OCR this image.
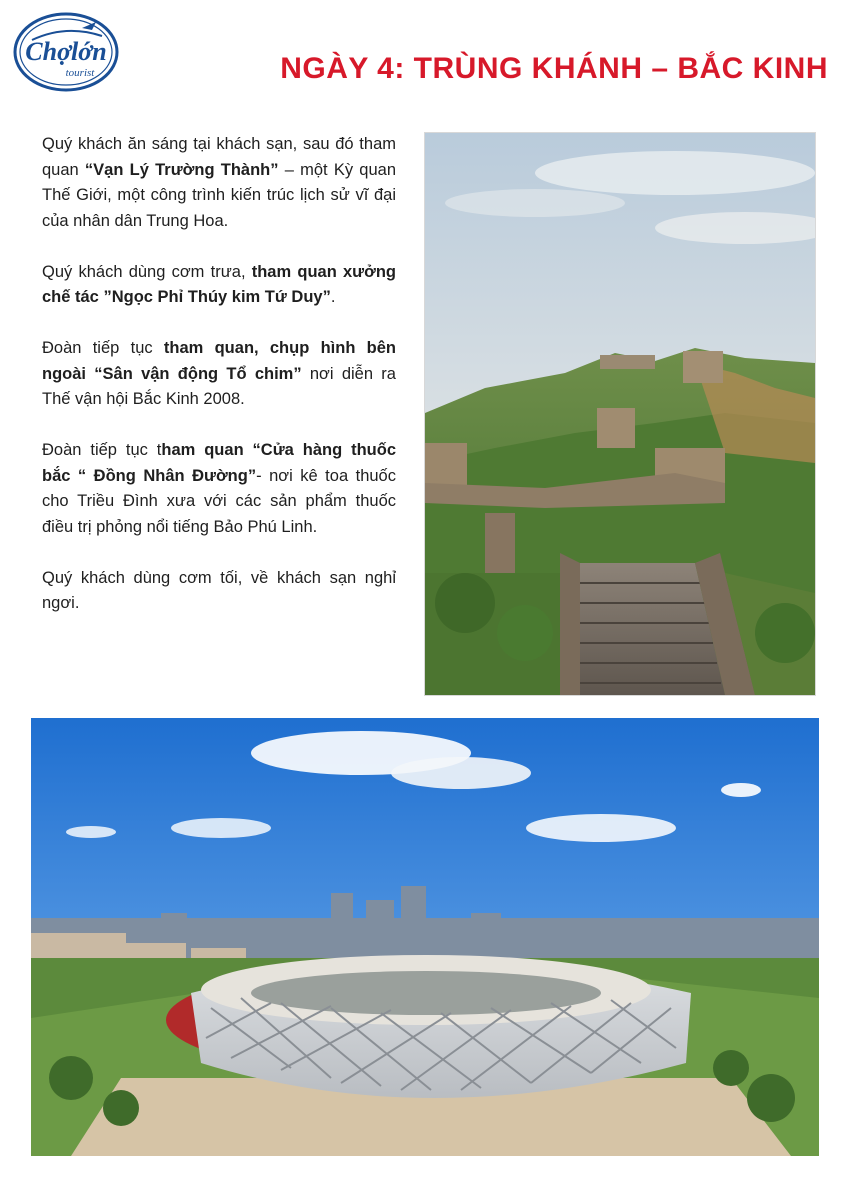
Chợlớn
tourist	NGÀY 4: TRÙNG KHÁNH – BẮC KINH

Quý khách ăn sáng tại khách sạn, sau đó tham quan “Vạn Lý Trường Thành” – một Kỳ quan Thế Giới, một công trình kiến trúc lịch sử vĩ đại của nhân dân Trung Hoa.

Quý khách dùng cơm trưa, tham quan xưởng chế tác ”Ngọc Phỉ Thúy kim Tứ Duy”.

Đoàn tiếp tục tham quan, chụp hình bên ngoài “Sân vận động Tổ chim” nơi diễn ra Thế vận hội Bắc Kinh 2008.

Đoàn tiếp tục tham quan “Cửa hàng thuốc bắc “ Đồng Nhân Đường”- nơi kê toa thuốc cho Triều Đình xưa với các sản phẩm thuốc điều trị phỏng nổi tiếng Bảo Phú Linh.

Quý khách dùng cơm tối, về khách sạn nghỉ ngơi.
